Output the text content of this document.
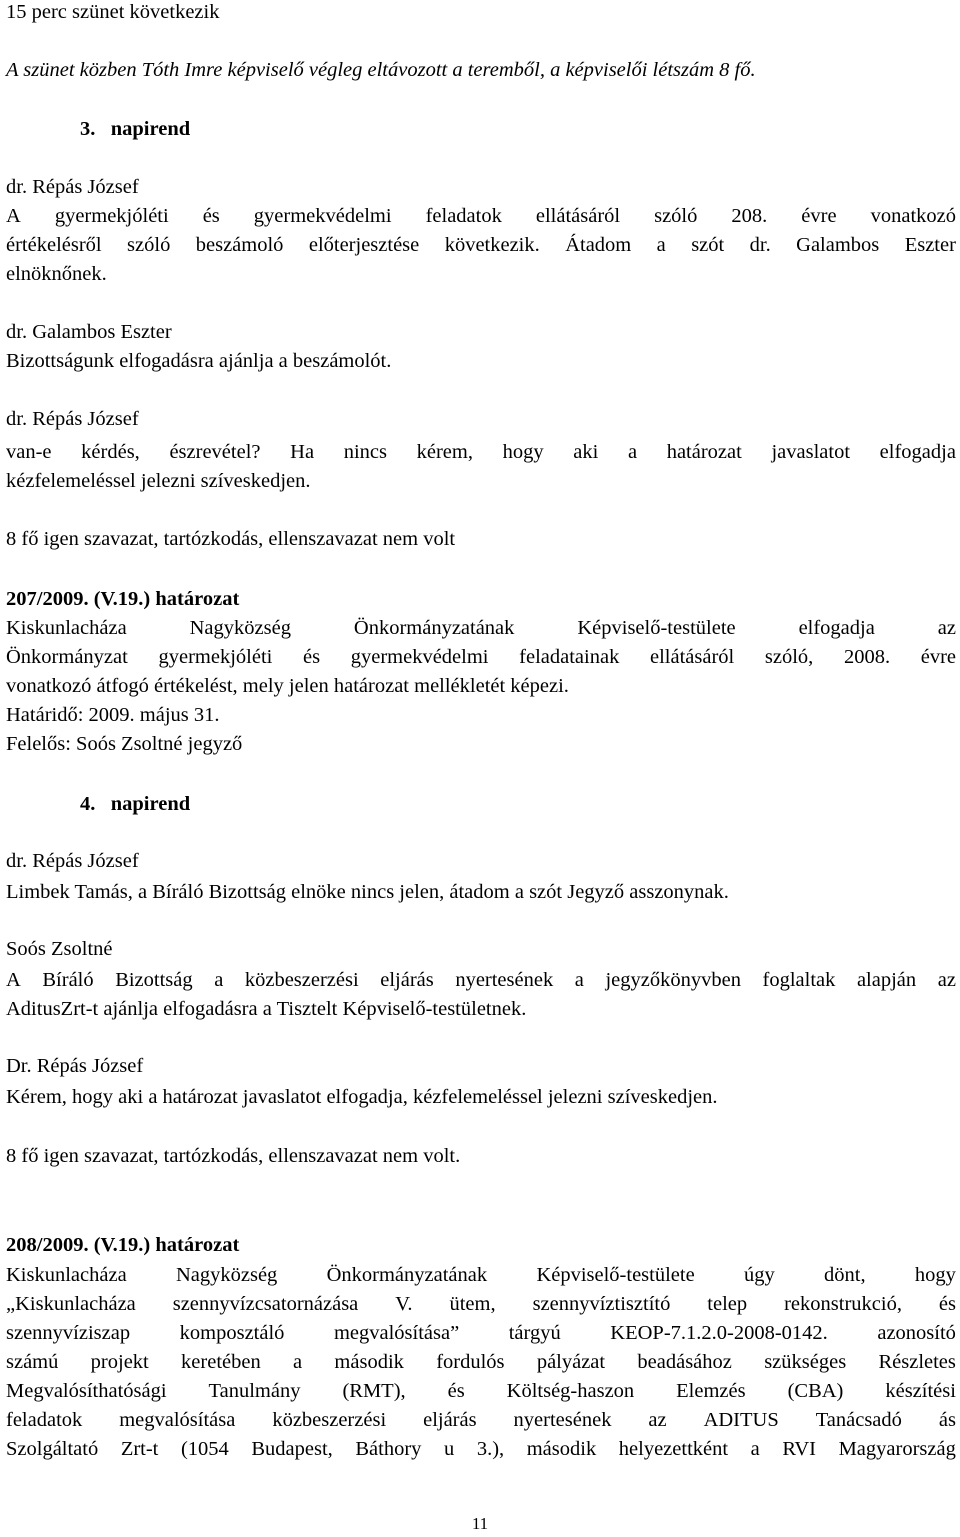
15 perc szünet következik
A szünet közben Tóth Imre képviselő végleg eltávozott a teremből, a képviselői létszám 8 fő.
3. napirend
dr. Répás József
A gyermekjóléti és gyermekvédelmi feladatok ellátásáról szóló 208. évre vonatkozó
értékelésről szóló beszámoló előterjesztése következik. Átadom a szót dr. Galambos Eszter
elnöknőnek.
dr. Galambos Eszter
Bizottságunk elfogadásra ajánlja a beszámolót.
dr. Répás József
van-e kérdés, észrevétel? Ha nincs kérem, hogy aki a határozat javaslatot elfogadja
kézfelemeléssel jelezni szíveskedjen.
8 fő igen szavazat, tartózkodás, ellenszavazat nem volt
207/2009. (V.19.) határozat
Kiskunlacháza	Nagyközség	Önkormányzatának	Képviselő-testülete	elfogadja	az
Önkormányzat gyermekjóléti és gyermekvédelmi feladatainak ellátásáról szóló, 2008. évre
vonatkozó átfogó értékelést, mely jelen határozat mellékletét képezi.
Határidő: 2009. május 31.
Felelős: Soós Zsoltné jegyző
4. napirend
dr. Répás József
Limbek Tamás, a Bíráló Bizottság elnöke nincs jelen, átadom a szót Jegyző asszonynak.
Soós Zsoltné
A Bíráló Bizottság a közbeszerzési eljárás nyertesének a jegyzőkönyvben foglaltak alapján az
AditusZrt-t ajánlja elfogadásra a Tisztelt Képviselő-testületnek.
Dr. Répás József
Kérem, hogy aki a határozat javaslatot elfogadja, kézfelemeléssel jelezni szíveskedjen.
8 fő igen szavazat, tartózkodás, ellenszavazat nem volt.
208/2009. (V.19.) határozat
Kiskunlacháza Nagyközség Önkormányzatának Képviselő-testülete úgy dönt, hogy
„Kiskunlacháza szennyvízcsatornázása V. ütem, szennyvíztisztító telep rekonstrukció, és
szennyvíziszap komposztáló megvalósítása” tárgyú KEOP-7.1.2.0-2008-0142. azonosító
számú projekt keretében a második fordulós pályázat beadásához szükséges Részletes
Megvalósíthatósági Tanulmány (RMT), és Költség-haszon Elemzés (CBA) készítési
feladatok megvalósítása közbeszerzési eljárás nyertesének az ADITUS Tanácsadó ás
Szolgáltató Zrt-t (1054 Budapest, Báthory u 3.), második helyezettként a RVI Magyarország
11
